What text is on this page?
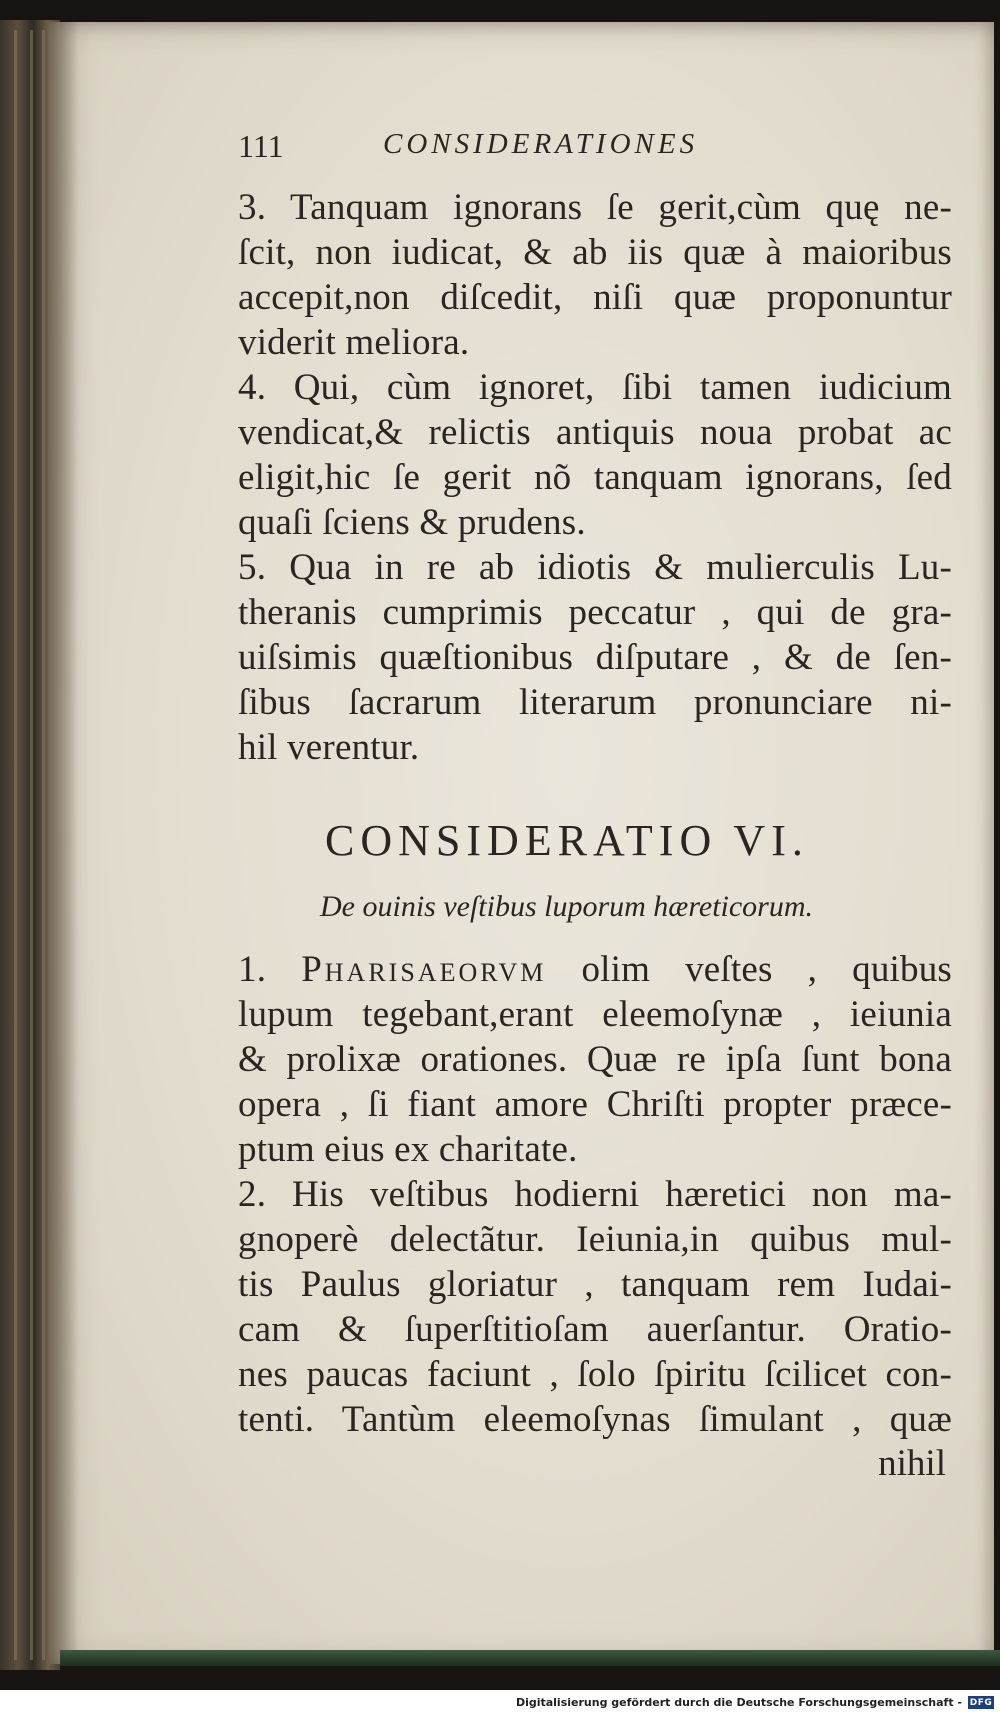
111	CONSIDERATIONES
3. Tanquam ignorans ſe gerit,cùm quę ne-
ſcit, non iudicat, & ab iis quæ à maioribus
accepit,non diſcedit, niſi quæ proponuntur
viderit meliora.
4. Qui, cùm ignoret, ſibi tamen iudicium
vendicat,& relictis antiquis noua probat ac
eligit,hic ſe gerit nõ tanquam ignorans, ſed
quaſi ſciens & prudens.
5. Qua in re ab idiotis & mulierculis Lu-
theranis cumprimis peccatur , qui de gra-
uiſsimis quæſtionibus diſputare , & de ſen-
ſibus ſacrarum literarum pronunciare ni-
hil verentur.
CONSIDERATIO VI.
De ouinis veſtibus luporum hæreticorum.
1. Pharisaeorvm olim veſtes , quibus
lupum tegebant,erant eleemoſynæ , ieiunia
& prolixæ orationes. Quæ re ipſa ſunt bona
opera , ſi fiant amore Chriſti propter præce-
ptum eius ex charitate.
2. His veſtibus hodierni hæretici non ma-
gnoperè delectãtur. Ieiunia,in quibus mul-
tis Paulus gloriatur , tanquam rem Iudai-
cam & ſuperſtitioſam auerſantur. Oratio-
nes paucas faciunt , ſolo ſpiritu ſcilicet con-
tenti. Tantùm eleemoſynas ſimulant , quæ
nihil
Digitalisierung gefördert durch die Deutsche Forschungsgemeinschaft - DFG
